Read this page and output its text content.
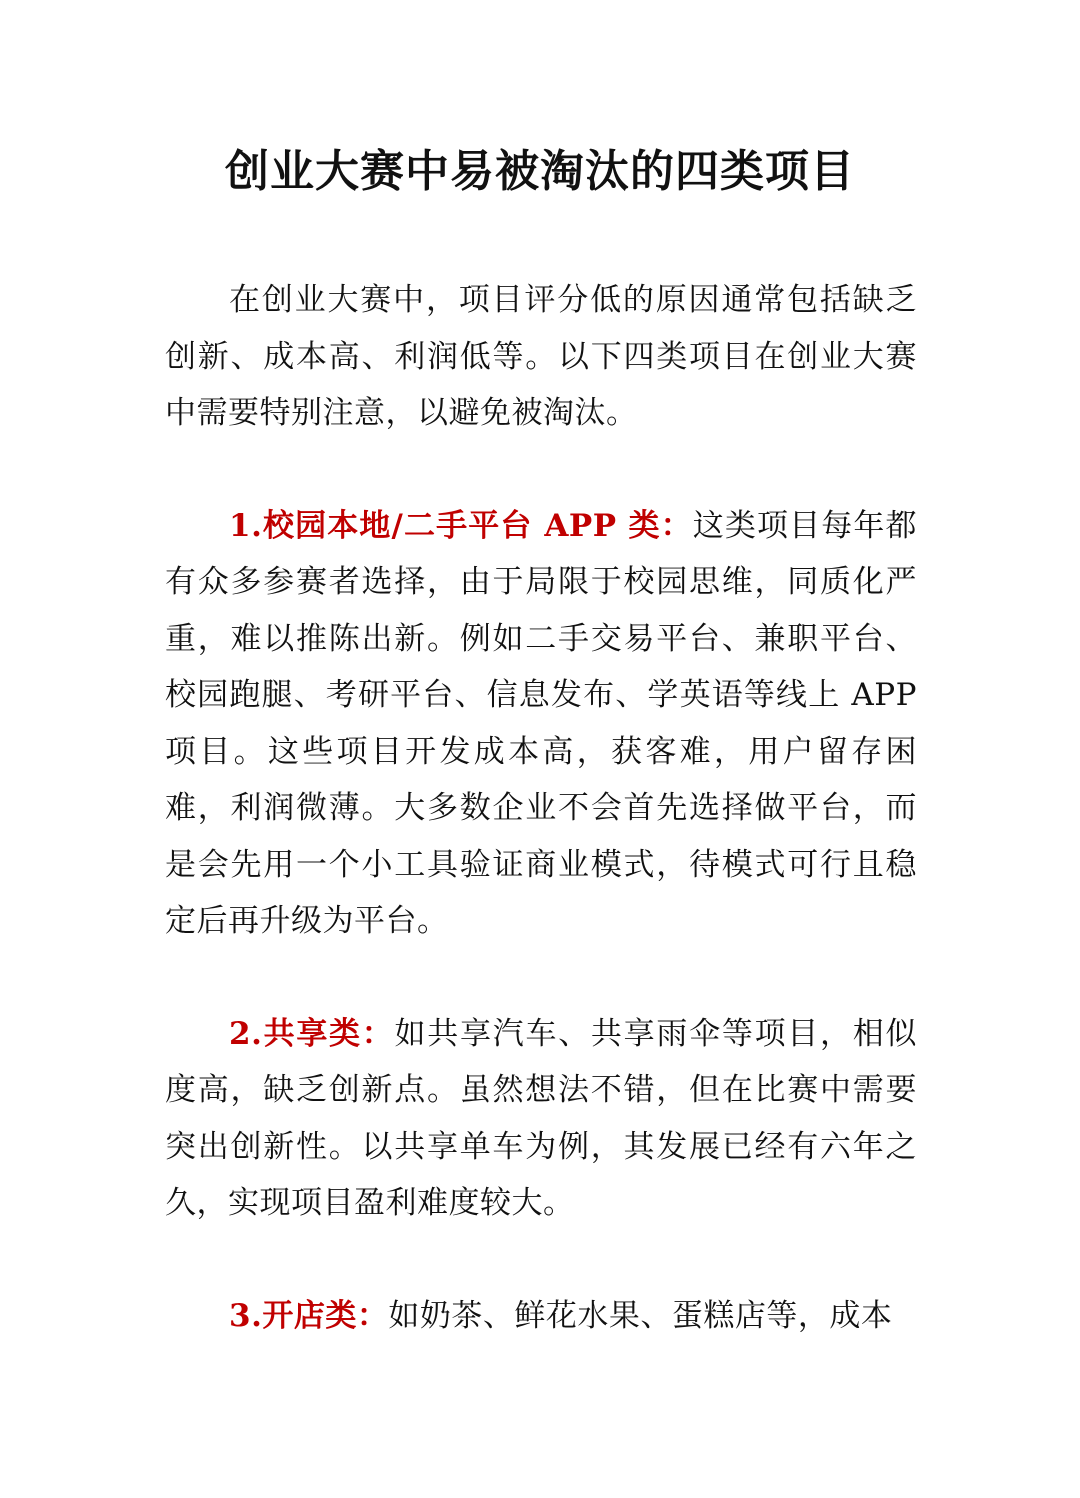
创业大赛中易被淘汰的四类项目

在创业大赛中，项目评分低的原因通常包括缺乏创新、成本高、利润低等。以下四类项目在创业大赛中需要特别注意，以避免被淘汰。

1.校园本地/二手平台 APP 类：这类项目每年都有众多参赛者选择，由于局限于校园思维，同质化严重，难以推陈出新。例如二手交易平台、兼职平台、校园跑腿、考研平台、信息发布、学英语等线上 APP 项目。这些项目开发成本高，获客难，用户留存困难，利润微薄。大多数企业不会首先选择做平台，而是会先用一个小工具验证商业模式，待模式可行且稳定后再升级为平台。

2.共享类：如共享汽车、共享雨伞等项目，相似度高，缺乏创新点。虽然想法不错，但在比赛中需要突出创新性。以共享单车为例，其发展已经有六年之久，实现项目盈利难度较大。

3.开店类：如奶茶、鲜花水果、蛋糕店等，成本
